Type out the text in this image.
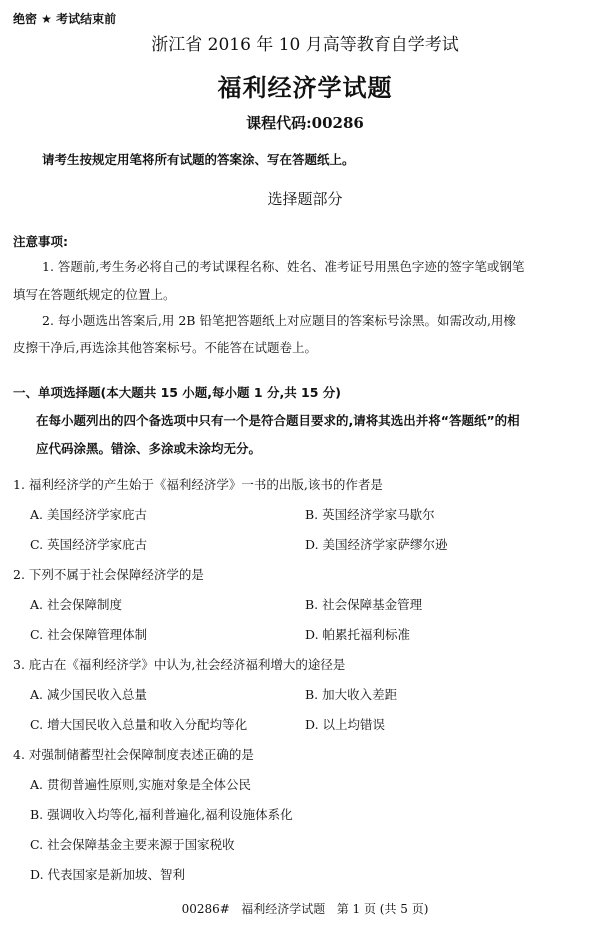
绝密 ★ 考试结束前
浙江省 2016 年 10 月高等教育自学考试
福利经济学试题
课程代码:00286
请考生按规定用笔将所有试题的答案涂、写在答题纸上。
选择题部分
注意事项:
1. 答题前,考生务必将自己的考试课程名称、姓名、准考证号用黑色字迹的签字笔或钢笔
填写在答题纸规定的位置上。
2. 每小题选出答案后,用 2B 铅笔把答题纸上对应题目的答案标号涂黑。如需改动,用橡
皮擦干净后,再选涂其他答案标号。不能答在试题卷上。
一、单项选择题(本大题共 15 小题,每小题 1 分,共 15 分)
在每小题列出的四个备选项中只有一个是符合题目要求的,请将其选出并将“答题纸”的相
应代码涂黑。错涂、多涂或未涂均无分。
1. 福利经济学的产生始于《福利经济学》一书的出版,该书的作者是
A. 美国经济学家庇古	B. 英国经济学家马歇尔
C. 英国经济学家庇古	D. 美国经济学家萨缪尔逊
2. 下列不属于社会保障经济学的是
A. 社会保障制度	B. 社会保障基金管理
C. 社会保障管理体制	D. 帕累托福利标准
3. 庇古在《福利经济学》中认为,社会经济福利增大的途径是
A. 减少国民收入总量	B. 加大收入差距
C. 增大国民收入总量和收入分配均等化	D. 以上均错误
4. 对强制储蓄型社会保障制度表述正确的是
A. 贯彻普遍性原则,实施对象是全体公民
B. 强调收入均等化,福利普遍化,福利设施体系化
C. 社会保障基金主要来源于国家税收
D. 代表国家是新加坡、智利
00286#   福利经济学试题   第 1 页 (共 5 页)
